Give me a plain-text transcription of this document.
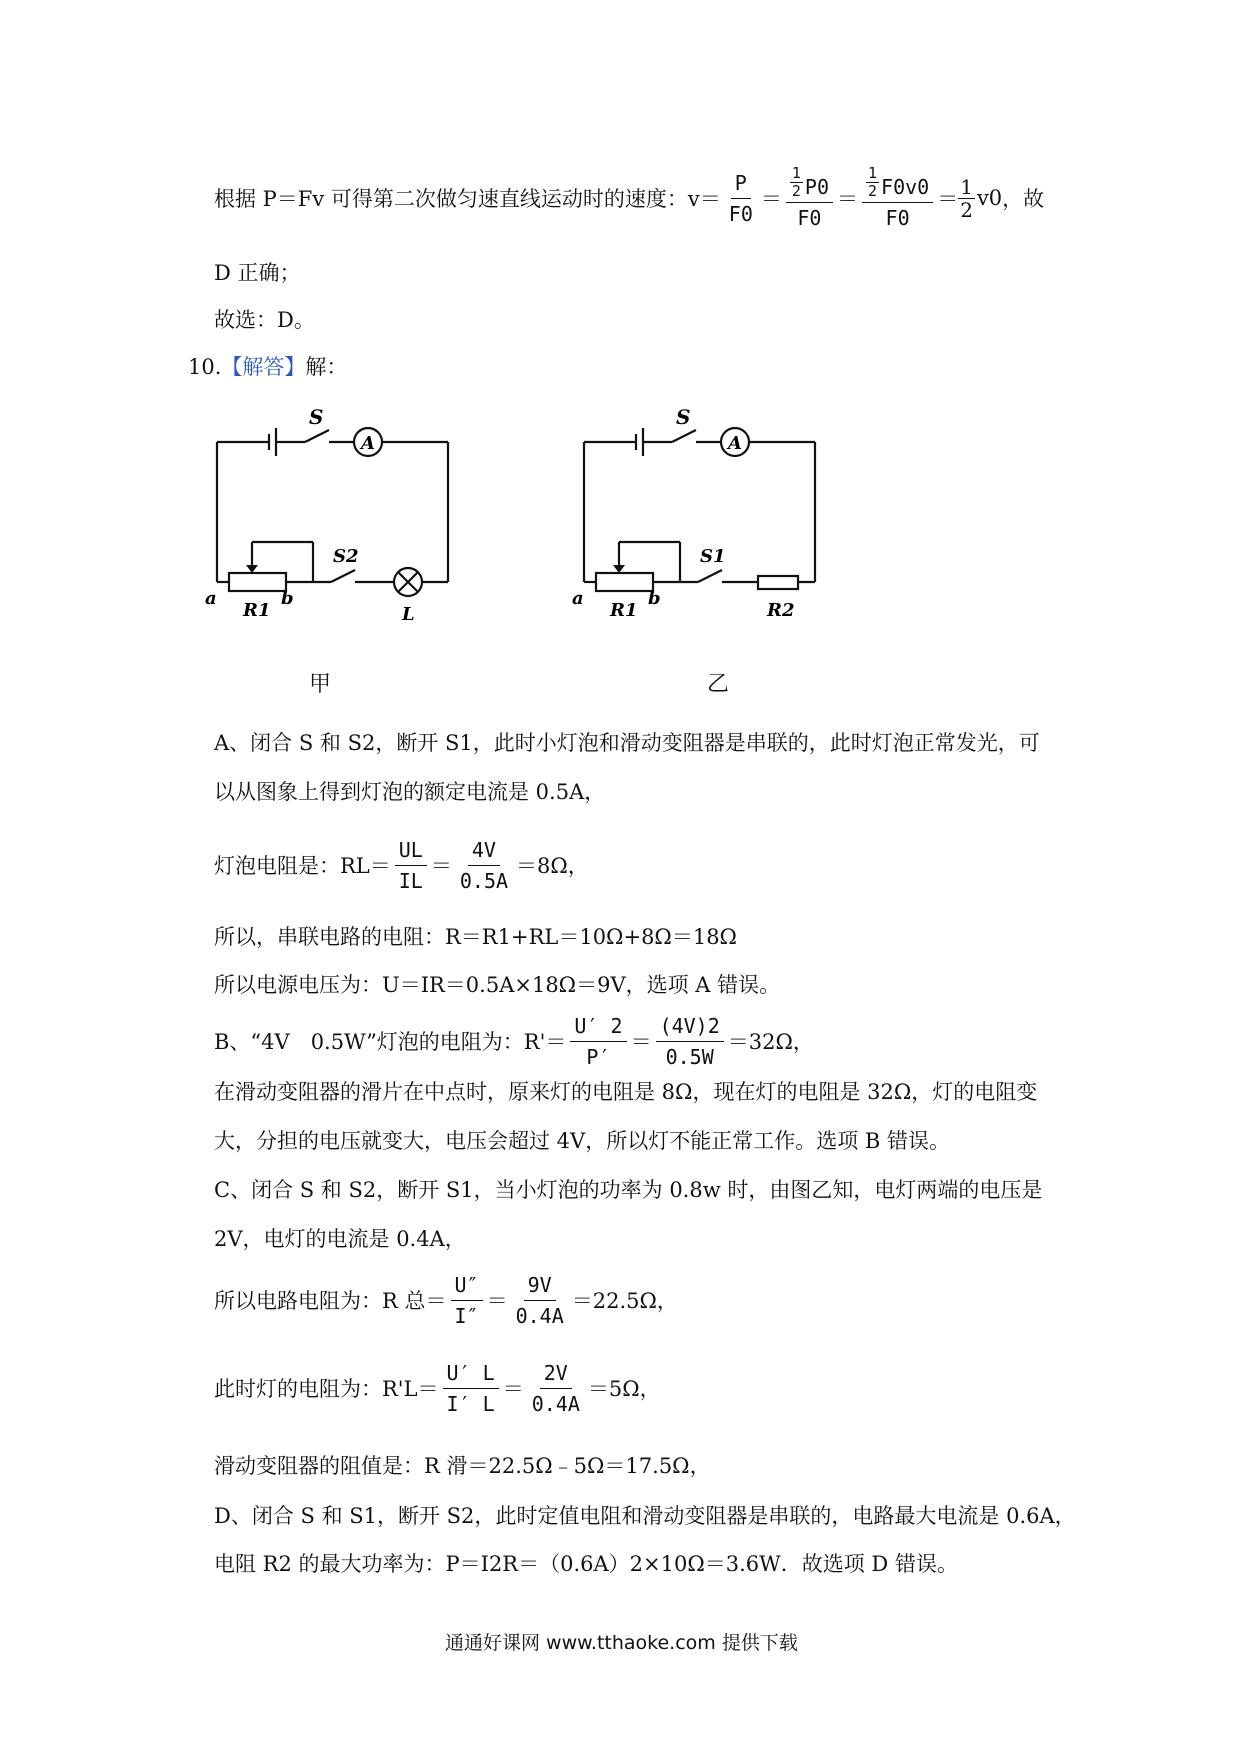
根据 P＝Fv 可得第二次做匀速直线运动时的速度：$v= \frac{P}{F0} = 1$
2 P0
F0 ＝ 1
2 F0v0
F0 ＝
1
2 v0 ，故
D 正确；
故选：D。
10.【解答】解：
S
A
S2
a	b
R1	L
甲
S
A
S1
a	b
R1	R2
乙
A、闭合 S 和 S2，断开 S1，此时小灯泡和滑动变阻器是串联的，此时灯泡正常发光，可
以从图象上得到灯泡的额定电流是 0.5A，
灯泡电阻是：$RL= \frac{UL}{IL} = \frac{4V}{0.5A} =8\Omega$，
所以，串联电路的电阻：R＝R1+RL＝10Ω+8Ω＝18Ω
所以电源电压为：U＝IR＝0.5A×18Ω＝9V，选项 A 错误。
B、“4V　0.5W”灯泡的电阻为：$R'= \frac{U' 2}{P'} = \frac{(4V)2}{0.5W} =32\Omega$，
在滑动变阻器的滑片在中点时，原来灯的电阻是 8Ω，现在灯的电阻是 32Ω，灯的电阻变
大，分担的电压就变大，电压会超过 4V，所以灯不能正常工作。选项 B 错误。
C、闭合 S 和 S2，断开 S1，当小灯泡的功率为 0.8w 时，由图乙知，电灯两端的电压是
2V，电灯的电流是 0.4A，
所以电路电阻为：R 总＝ $\frac{U''}{I''} = \frac{9V}{0.4A} =22.5\Omega$，
此时灯的电阻为：$R'L= \frac{U' L}{I' L} = \frac{2V}{0.4A} =5\Omega$，
滑动变阻器的阻值是：R 滑＝22.5Ω﹣5Ω＝17.5Ω，
D、闭合 S 和 S1，断开 S2，此时定值电阻和滑动变阻器是串联的，电路最大电流是 0.6A，
电阻 R2 的最大功率为：P＝I2R＝（0.6A）2×10Ω＝3.6W．故选项 D 错误。
通通好课网 www.tthaoke.com 提供下载
